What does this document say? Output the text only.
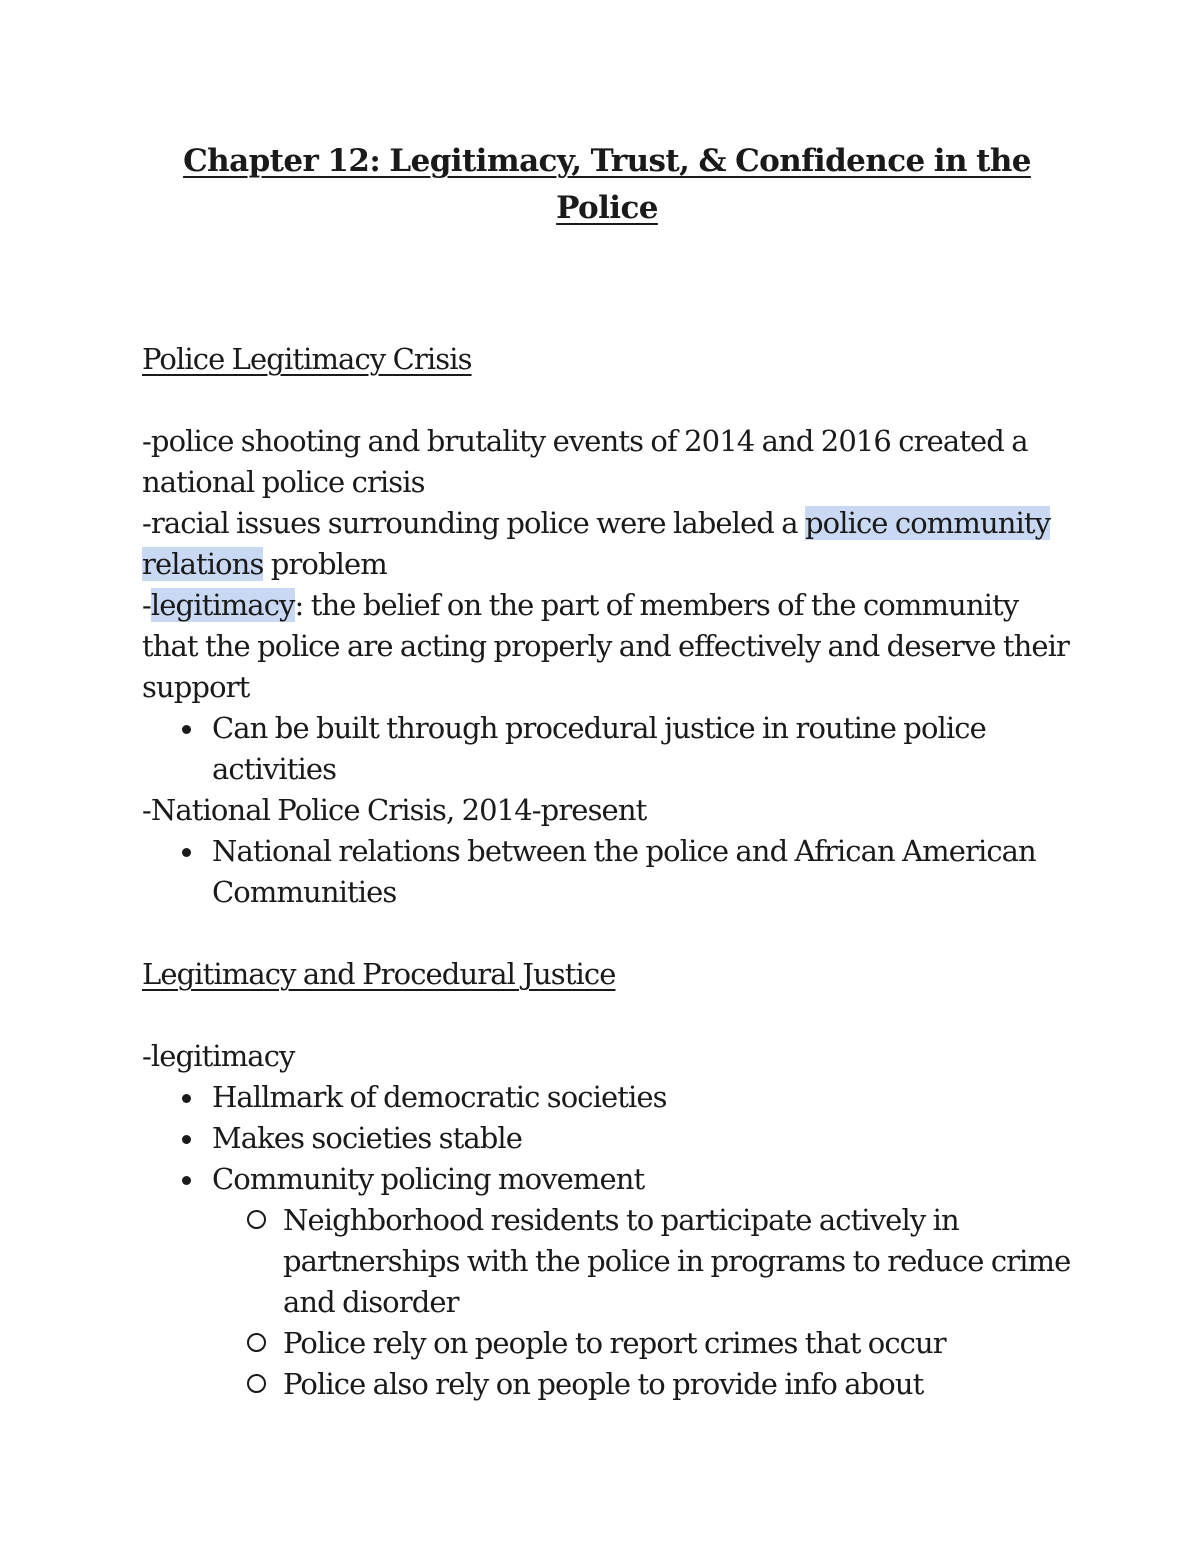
Chapter 12: Legitimacy, Trust, & Confidence in the Police

Police Legitimacy Crisis

-police shooting and brutality events of 2014 and 2016 created a national police crisis

-racial issues surrounding police were labeled a police community relations problem

-legitimacy: the belief on the part of members of the community that the police are acting properly and effectively and deserve their support

Can be built through procedural justice in routine police activities

-National Police Crisis, 2014-present

National relations between the police and African American Communities

Legitimacy and Procedural Justice

-legitimacy

Hallmark of democratic societies
Makes societies stable
Community policing movement
Neighborhood residents to participate actively in partnerships with the police in programs to reduce crime and disorder
Police rely on people to report crimes that occur
Police also rely on people to provide info about
